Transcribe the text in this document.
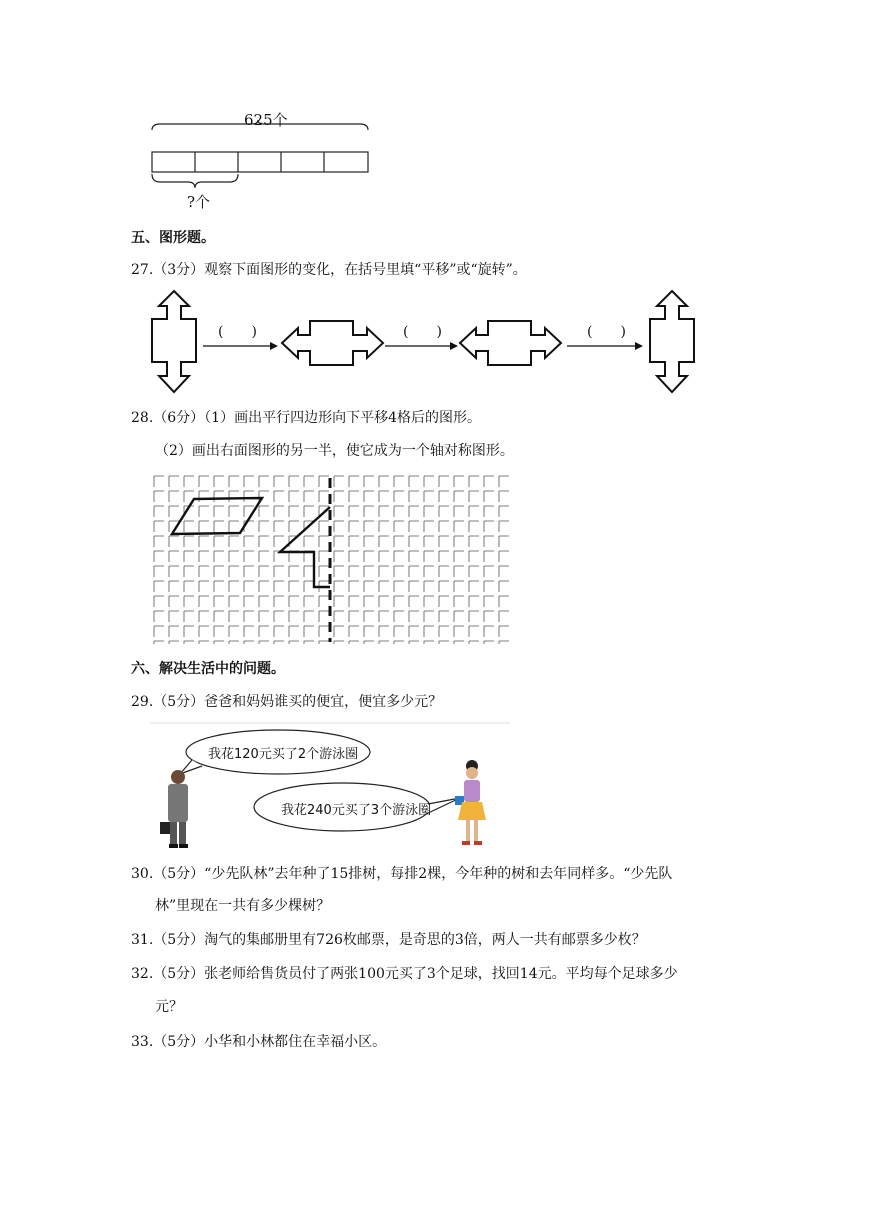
625个
?个
五、图形题。
27.（3分）观察下面图形的变化，在括号里填“平移”或“旋转”。
(　　)	(　　)	(　　)
28.（6分）（1）画出平行四边形向下平移4格后的图形。
（2）画出右面图形的另一半，使它成为一个轴对称图形。
六、解决生活中的问题。
29.（5分）爸爸和妈妈谁买的便宜，便宜多少元？
我花120元买了2个游泳圈
我花240元买了3个游泳圈
30.（5分）“少先队林”去年种了15排树，每排2棵，今年种的树和去年同样多。“少先队
林”里现在一共有多少棵树？
31.（5分）淘气的集邮册里有726枚邮票，是奇思的3倍，两人一共有邮票多少枚？
32.（5分）张老师给售货员付了两张100元买了3个足球，找回14元。平均每个足球多少
元？
33.（5分）小华和小林都住在幸福小区。
